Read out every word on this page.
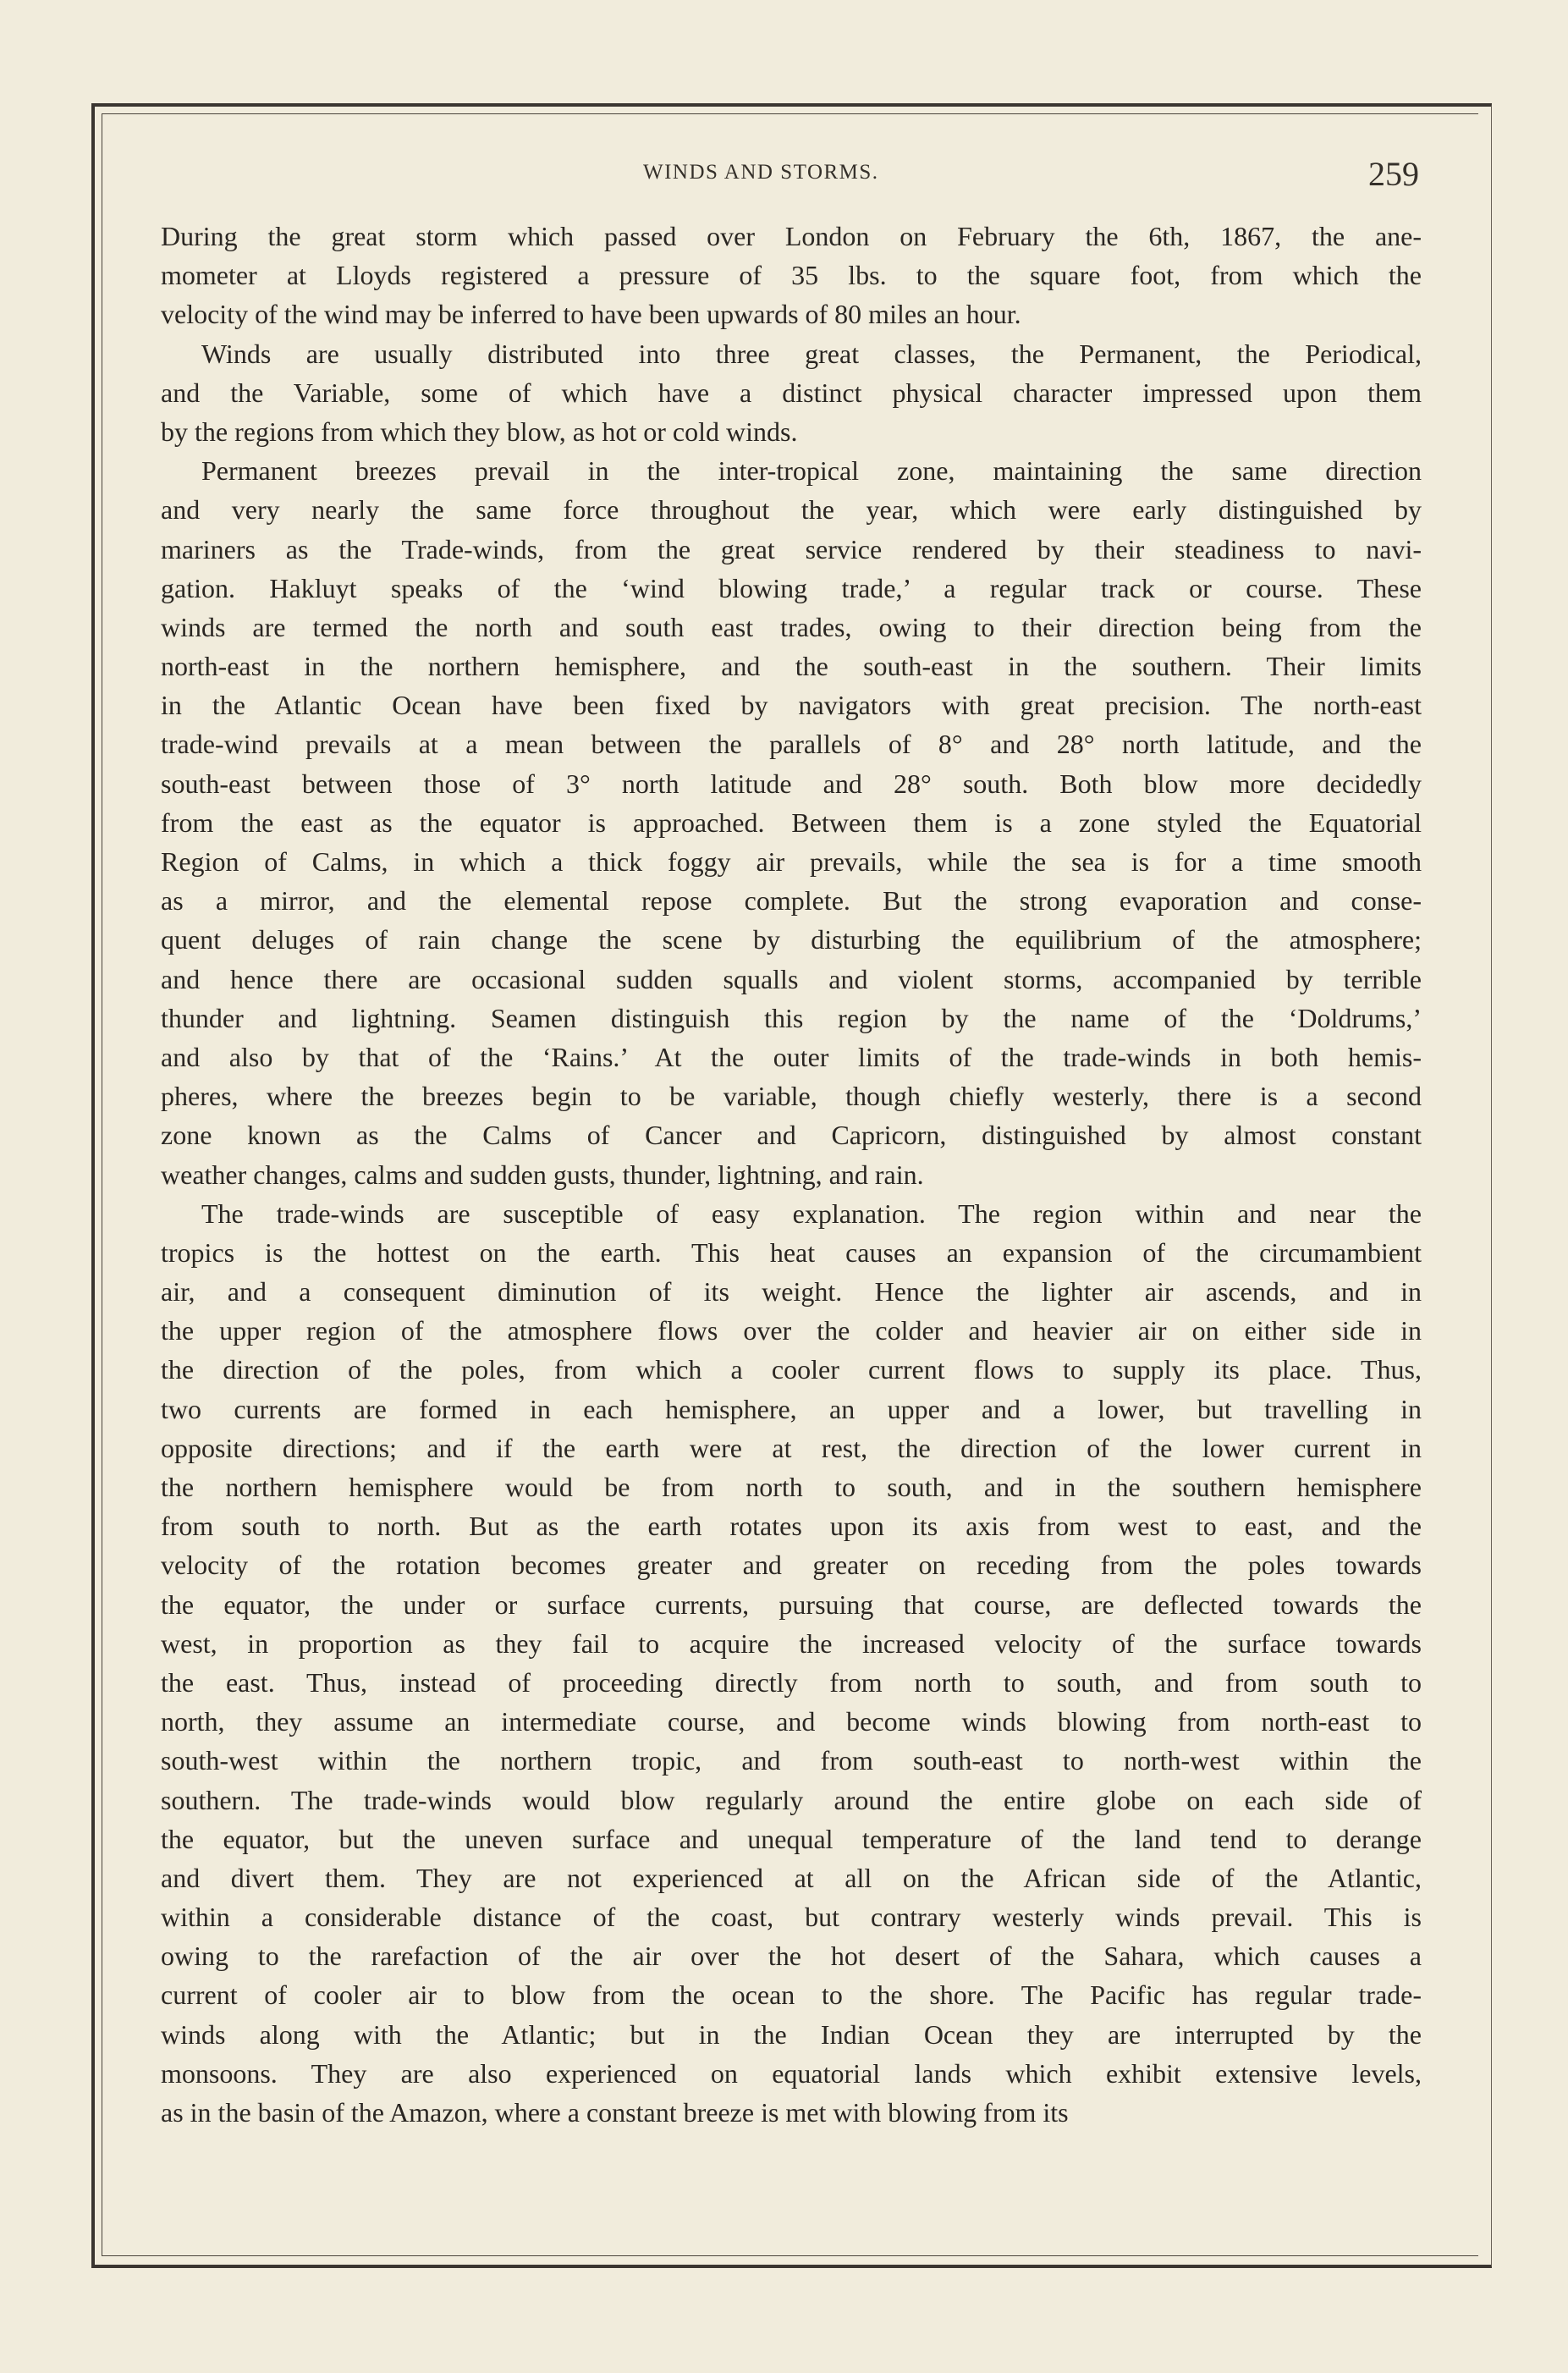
WINDS AND STORMS.	259
During the great storm which passed over London on February the 6th, 1867, the ane-
mometer at Lloyds registered a pressure of 35 lbs. to the square foot, from which the
velocity of the wind may be inferred to have been upwards of 80 miles an hour.
Winds are usually distributed into three great classes, the Permanent, the Periodical,
and the Variable, some of which have a distinct physical character impressed upon them
by the regions from which they blow, as hot or cold winds.
Permanent breezes prevail in the inter-tropical zone, maintaining the same direction
and very nearly the same force throughout the year, which were early distinguished by
mariners as the Trade-winds, from the great service rendered by their steadiness to navi-
gation. Hakluyt speaks of the ‘wind blowing trade,’ a regular track or course. These
winds are termed the north and south east trades, owing to their direction being from the
north-east in the northern hemisphere, and the south-east in the southern. Their limits
in the Atlantic Ocean have been fixed by navigators with great precision. The north-east
trade-wind prevails at a mean between the parallels of 8° and 28° north latitude, and the
south-east between those of 3° north latitude and 28° south. Both blow more decidedly
from the east as the equator is approached. Between them is a zone styled the Equatorial
Region of Calms, in which a thick foggy air prevails, while the sea is for a time smooth
as a mirror, and the elemental repose complete. But the strong evaporation and conse-
quent deluges of rain change the scene by disturbing the equilibrium of the atmosphere;
and hence there are occasional sudden squalls and violent storms, accompanied by terrible
thunder and lightning. Seamen distinguish this region by the name of the ‘Doldrums,’
and also by that of the ‘Rains.’ At the outer limits of the trade-winds in both hemis-
pheres, where the breezes begin to be variable, though chiefly westerly, there is a second
zone known as the Calms of Cancer and Capricorn, distinguished by almost constant
weather changes, calms and sudden gusts, thunder, lightning, and rain.
The trade-winds are susceptible of easy explanation. The region within and near the
tropics is the hottest on the earth. This heat causes an expansion of the circumambient
air, and a consequent diminution of its weight. Hence the lighter air ascends, and in
the upper region of the atmosphere flows over the colder and heavier air on either side in
the direction of the poles, from which a cooler current flows to supply its place. Thus,
two currents are formed in each hemisphere, an upper and a lower, but travelling in
opposite directions; and if the earth were at rest, the direction of the lower current in
the northern hemisphere would be from north to south, and in the southern hemisphere
from south to north. But as the earth rotates upon its axis from west to east, and the
velocity of the rotation becomes greater and greater on receding from the poles towards
the equator, the under or surface currents, pursuing that course, are deflected towards the
west, in proportion as they fail to acquire the increased velocity of the surface towards
the east. Thus, instead of proceeding directly from north to south, and from south to
north, they assume an intermediate course, and become winds blowing from north-east to
south-west within the northern tropic, and from south-east to north-west within the
southern. The trade-winds would blow regularly around the entire globe on each side of
the equator, but the uneven surface and unequal temperature of the land tend to derange
and divert them. They are not experienced at all on the African side of the Atlantic,
within a considerable distance of the coast, but contrary westerly winds prevail. This is
owing to the rarefaction of the air over the hot desert of the Sahara, which causes a
current of cooler air to blow from the ocean to the shore. The Pacific has regular trade-
winds along with the Atlantic; but in the Indian Ocean they are interrupted by the
monsoons. They are also experienced on equatorial lands which exhibit extensive levels,
as in the basin of the Amazon, where a constant breeze is met with blowing from its
